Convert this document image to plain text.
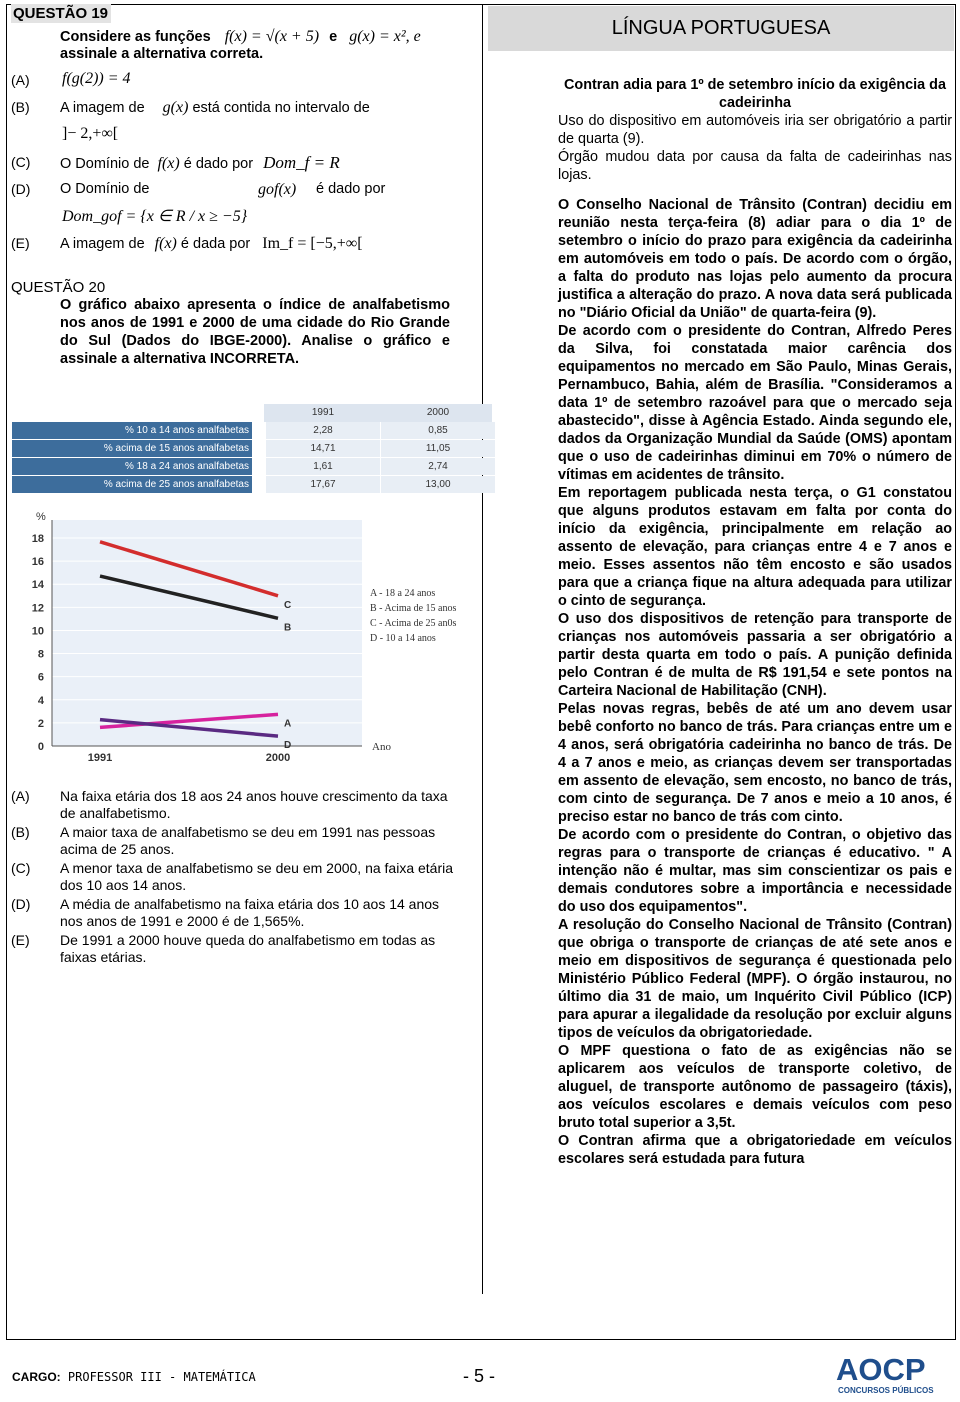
QUESTÃO 19
Considere as funções f(x) = √(x + 5) e g(x) = x², e
assinale a alternativa correta.
(A) f(g(2)) = 4
(B) A imagem de g(x) está contida no intervalo de
]− 2,+∞[
(C) O Domínio de f(x) é dado por Dom_f = R
(D) O Domínio de	gof(x) é dado por
Dom_gof = {x ∈ R / x ≥ −5}
(E) A imagem de f(x) é dada por Im_f = [−5,+∞[
QUESTÃO 20
O gráfico abaixo apresenta o índice de analfabetismo nos anos de 1991 e 2000 de uma cidade do Rio Grande do Sul (Dados do IBGE-2000). Analise o gráfico e assinale a alternativa INCORRETA.
1991	2000
% 10 a 14 anos analfabetas	2,28	0,85
% acima de 15 anos analfabetas	14,71	11,05
% 18 a 24 anos analfabetas	1,61	2,74
% acima de 25 anos analfabetas	17,67	13,00
0
2
4
6
8
10
12
14
16
18
%
1991	2000
Ano
A
B
C
D
A - 18 a 24 anos
B - Acima de 15 anos
C - Acima de 25 an0s
D - 10 a 14 anos
(A) Na faixa etária dos 18 aos 24 anos houve crescimento da taxa de analfabetismo.
(B) A maior taxa de analfabetismo se deu em 1991 nas pessoas acima de 25 anos.
(C) A menor taxa de analfabetismo se deu em 2000, na faixa etária dos 10 aos 14 anos.
(D) A média de analfabetismo na faixa etária dos 10 aos 14 anos nos anos de 1991 e 2000 é de 1,565%.
(E) De 1991 a 2000 houve queda do analfabetismo em todas as faixas etárias.
LÍNGUA PORTUGUESA

Contran adia para 1º de setembro início da exigência da cadeirinha

Uso do dispositivo em automóveis iria ser obrigatório a partir de quarta (9).

Órgão mudou data por causa da falta de cadeirinhas nas lojas.

O Conselho Nacional de Trânsito (Contran) decidiu em reunião nesta terça-feira (8) adiar para o dia 1º de setembro o início do prazo para exigência da cadeirinha em automóveis em todo o país. De acordo com o órgão, a falta do produto nas lojas pelo aumento da procura justifica a alteração do prazo. A nova data será publicada no "Diário Oficial da União" de quarta-feira (9).

De acordo com o presidente do Contran, Alfredo Peres da Silva, foi constatada maior carência dos equipamentos no mercado em São Paulo, Minas Gerais, Pernambuco, Bahia, além de Brasília. "Consideramos a data 1º de setembro razoável para que o mercado seja abastecido", disse à Agência Estado. Ainda segundo ele, dados da Organização Mundial da Saúde (OMS) apontam que o uso de cadeirinhas diminui em 70% o número de vítimas em acidentes de trânsito.

Em reportagem publicada nesta terça, o G1 constatou que alguns produtos estavam em falta por conta do início da exigência, principalmente em relação ao assento de elevação, para crianças entre 4 e 7 anos e meio. Esses assentos não têm encosto e são usados para que a criança fique na altura adequada para utilizar o cinto de segurança.

O uso dos dispositivos de retenção para transporte de crianças nos automóveis passaria a ser obrigatório a partir desta quarta em todo o país. A punição definida pelo Contran é de multa de R$ 191,54 e sete pontos na Carteira Nacional de Habilitação (CNH).

Pelas novas regras, bebês de até um ano devem usar bebê conforto no banco de trás. Para crianças entre um e 4 anos, será obrigatória cadeirinha no banco de trás. De 4 a 7 anos e meio, as crianças devem ser transportadas em assento de elevação, sem encosto, no banco de trás, com cinto de segurança. De 7 anos e meio a 10 anos, é preciso estar no banco de trás com cinto.

De acordo com o presidente do Contran, o objetivo das regras para o transporte de crianças é educativo. " A intenção não é multar, mas sim conscientizar os pais e demais condutores sobre a importância e necessidade do uso dos equipamentos".

A resolução do Conselho Nacional de Trânsito (Contran) que obriga o transporte de crianças de até sete anos e meio em dispositivos de segurança é questionada pelo Ministério Público Federal (MPF). O órgão instaurou, no último dia 31 de maio, um Inquérito Civil Público (ICP) para apurar a ilegalidade da resolução por excluir alguns tipos de veículos da obrigatoriedade.

O MPF questiona o fato de as exigências não se aplicarem aos veículos de transporte coletivo, de aluguel, de transporte autônomo de passageiro (táxis), aos veículos escolares e demais veículos com peso bruto total superior a 3,5t.

O Contran afirma que a obrigatoriedade em veículos escolares será estudada para futura

CARGO: PROFESSOR III - MATEMÁTICA	- 5 -	AOCP
CONCURSOS PÚBLICOS
